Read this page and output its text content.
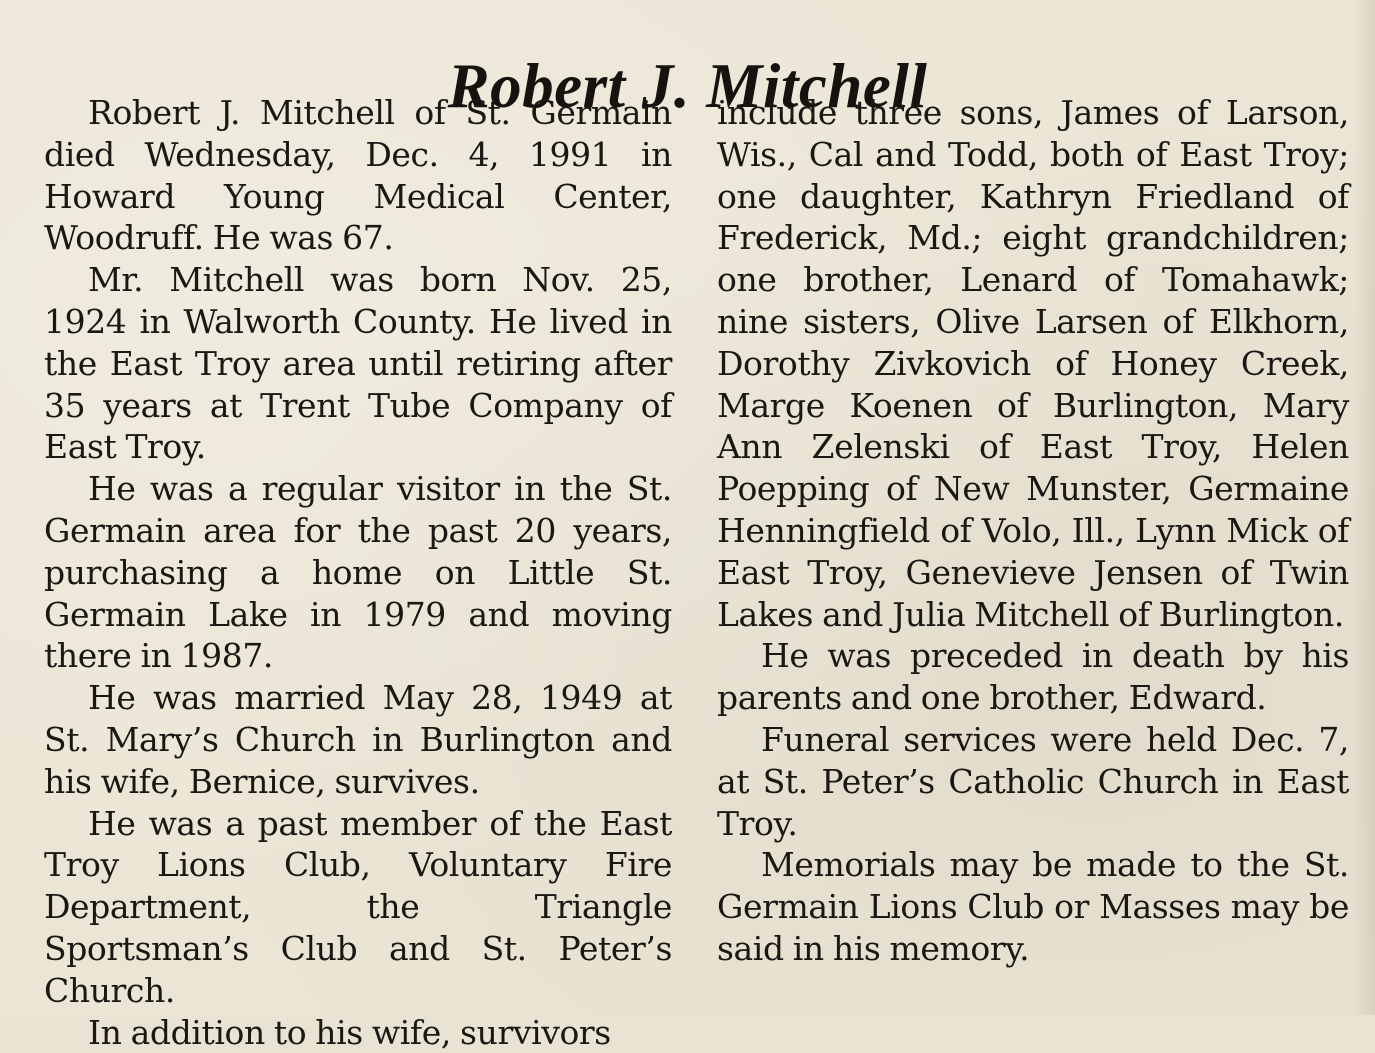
Robert J. Mitchell

Robert J. Mitchell of St. Germain died Wednesday, Dec. 4, 1991 in Howard Young Medical Center, Woodruff. He was 67.

Mr. Mitchell was born Nov. 25, 1924 in Walworth County. He lived in the East Troy area until retiring after 35 years at Trent Tube Company of East Troy.

He was a regular visitor in the St. Germain area for the past 20 years, purchasing a home on Little St. Germain Lake in 1979 and moving there in 1987.

He was married May 28, 1949 at St. Mary’s Church in Burlington and his wife, Bernice, survives.

He was a past member of the East Troy Lions Club, Voluntary Fire Department, the Triangle Sportsman’s Club and St. Peter’s Church.

In addition to his wife, survivors

include three sons, James of Larson, Wis., Cal and Todd, both of East Troy; one daughter, Kathryn Friedland of Frederick, Md.; eight grandchildren; one brother, Lenard of Tomahawk; nine sisters, Olive Larsen of Elkhorn, Dorothy Zivkovich of Honey Creek, Marge Koenen of Burlington, Mary Ann Zelenski of East Troy, Helen Poepping of New Munster, Germaine Henningfield of Volo, Ill., Lynn Mick of East Troy, Genevieve Jensen of Twin Lakes and Julia Mitchell of Burlington.

He was preceded in death by his parents and one brother, Edward.

Funeral services were held Dec. 7, at St. Peter’s Catholic Church in East Troy.

Memorials may be made to the St. Germain Lions Club or Masses may be said in his memory.
